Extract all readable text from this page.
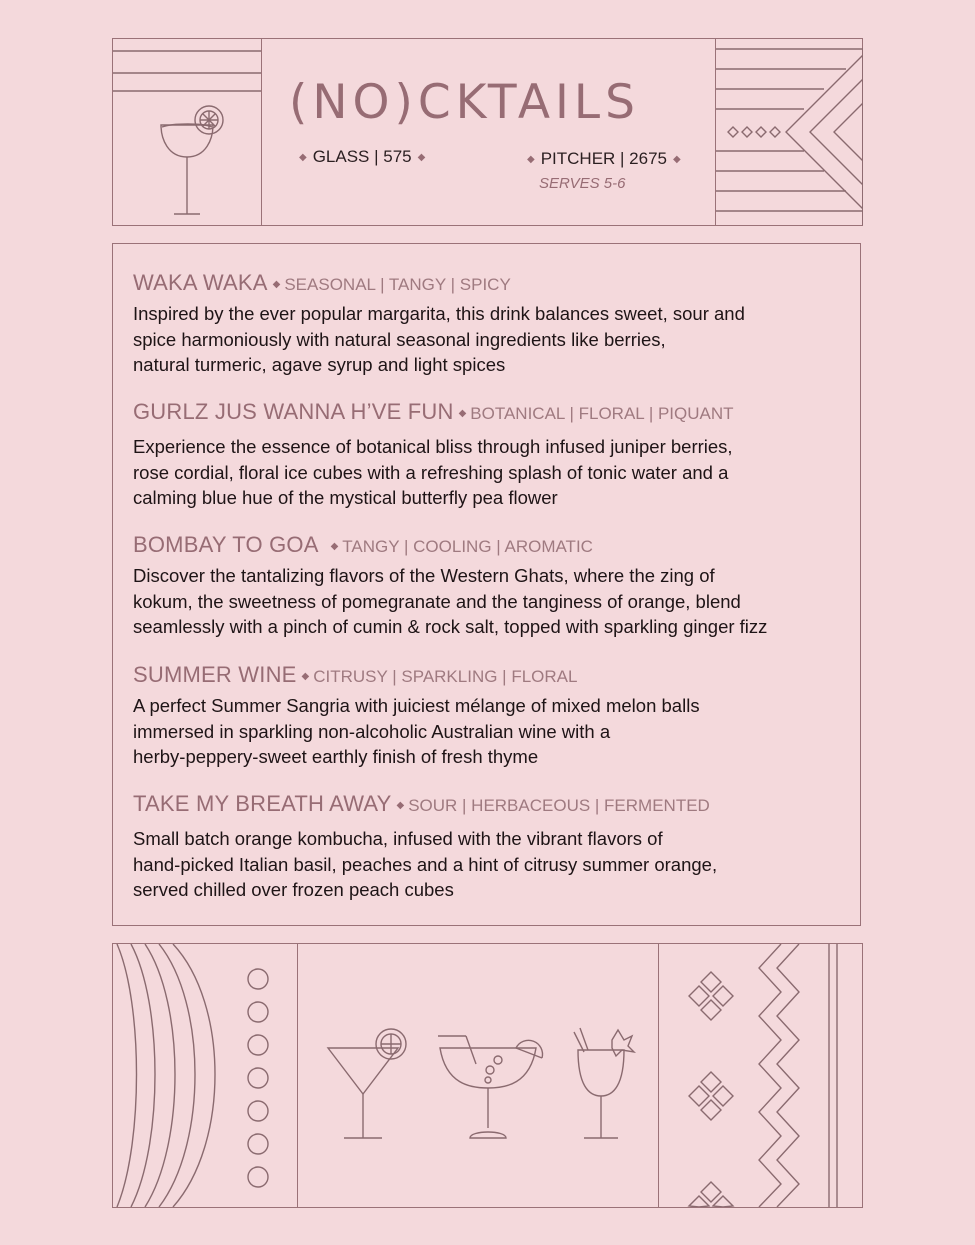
(NO)CKTAILS
◆ GLASS | 575 ◆	◆ PITCHER | 2675 ◆
SERVES 5-6
WAKA WAKA ◆ SEASONAL | TANGY | SPICY
Inspired by the ever popular margarita, this drink balances sweet, sour and
spice harmoniously with natural seasonal ingredients like berries,
natural turmeric, agave syrup and light spices
GURLZ JUS WANNA H’VE FUN ◆ BOTANICAL | FLORAL | PIQUANT
Experience the essence of botanical bliss through infused juniper berries,
rose cordial, floral ice cubes with a refreshing splash of tonic water and a
calming blue hue of the mystical butterfly pea flower
BOMBAY TO GOA ◆ TANGY | COOLING | AROMATIC
Discover the tantalizing flavors of the Western Ghats, where the zing of
kokum, the sweetness of pomegranate and the tanginess of orange, blend
seamlessly with a pinch of cumin & rock salt, topped with sparkling ginger fizz
SUMMER WINE ◆ CITRUSY | SPARKLING | FLORAL
A perfect Summer Sangria with juiciest mélange of mixed melon balls
immersed in sparkling non-alcoholic Australian wine with a
herby-peppery-sweet earthly finish of fresh thyme
TAKE MY BREATH AWAY ◆ SOUR | HERBACEOUS | FERMENTED
Small batch orange kombucha, infused with the vibrant flavors of
hand-picked Italian basil, peaches and a hint of citrusy summer orange,
served chilled over frozen peach cubes
